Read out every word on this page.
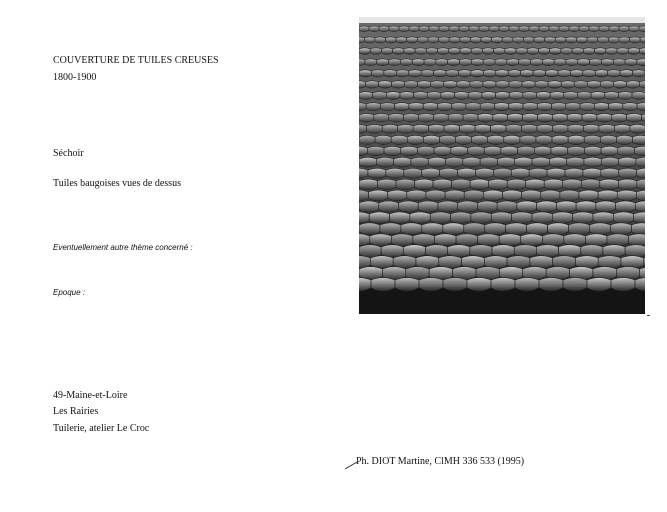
COUVERTURE DE TUILES CREUSES
1800-1900
Séchoir
Tuiles baugoises vues de dessus
Eventuellement autre thème concerné :
Epoque :
49-Maine-et-Loire
Les Rairies
Tuilerie, atelier Le Croc
Ph. DIOT Martine, ClMH 336 533 (1995)
